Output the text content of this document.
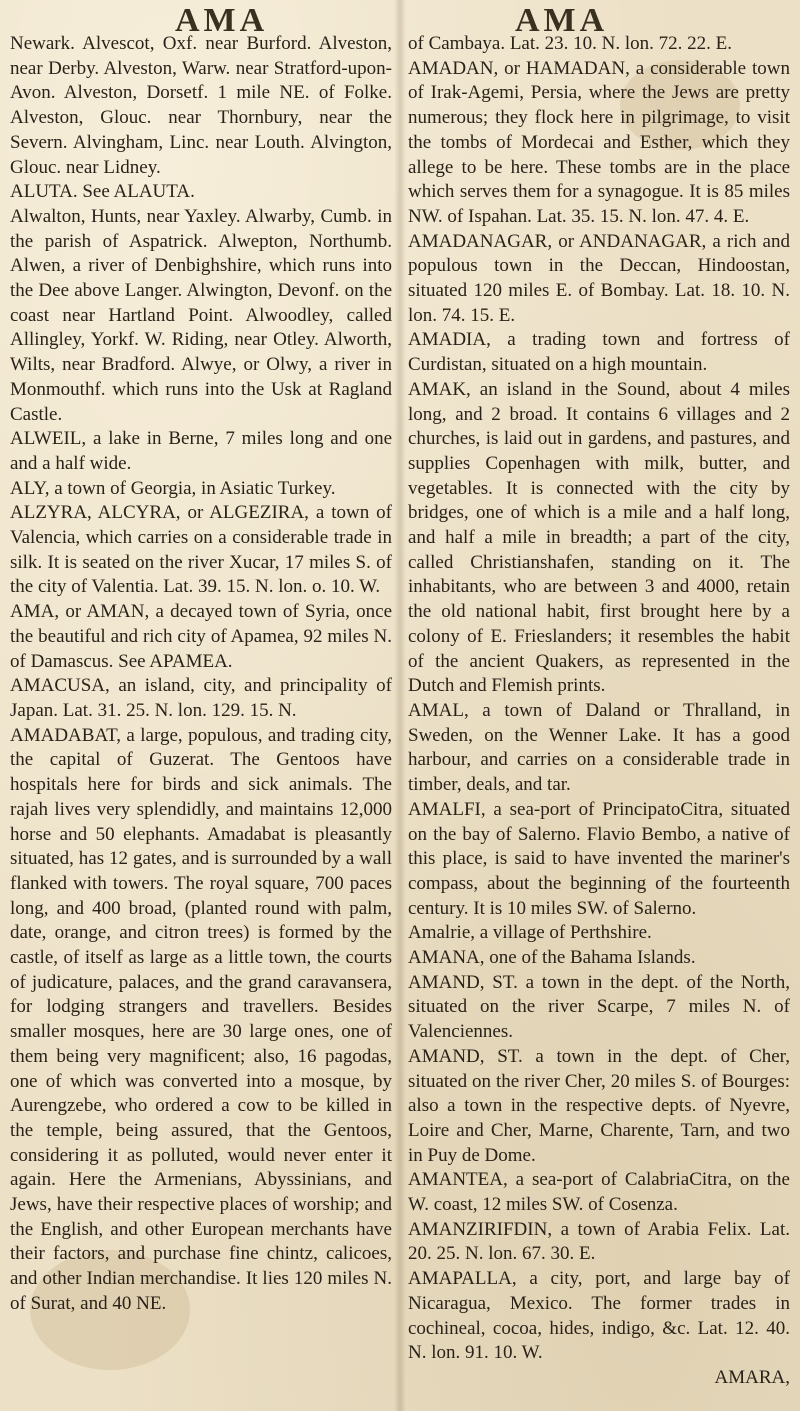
AMA	AMA

Newark. Alvescot, Oxf. near Burford. Alveston, near Derby. Alveston, Warw. near Stratford-upon-Avon. Alveston, Dorsetf. 1 mile NE. of Folke. Alveston, Glouc. near Thornbury, near the Severn. Alvingham, Linc. near Louth. Alvington, Glouc. near Lidney.

ALUTA. See ALAUTA.

Alwalton, Hunts, near Yaxley. Alwarby, Cumb. in the parish of Aspatrick. Alwepton, Northumb. Alwen, a river of Denbighshire, which runs into the Dee above Langer. Alwington, Devonf. on the coast near Hartland Point. Alwoodley, called Allingley, Yorkf. W. Riding, near Otley. Alworth, Wilts, near Bradford. Alwye, or Olwy, a river in Monmouthf. which runs into the Usk at Ragland Castle.

ALWEIL, a lake in Berne, 7 miles long and one and a half wide.

ALY, a town of Georgia, in Asiatic Turkey.

ALZYRA, ALCYRA, or ALGEZIRA, a town of Valencia, which carries on a considerable trade in silk. It is seated on the river Xucar, 17 miles S. of the city of Valentia. Lat. 39. 15. N. lon. o. 10. W.

AMA, or AMAN, a decayed town of Syria, once the beautiful and rich city of Apamea, 92 miles N. of Damascus. See APAMEA.

AMACUSA, an island, city, and principality of Japan. Lat. 31. 25. N. lon. 129. 15. N.

AMADABAT, a large, populous, and trading city, the capital of Guzerat. The Gentoos have hospitals here for birds and sick animals. The rajah lives very splendidly, and maintains 12,000 horse and 50 elephants. Amadabat is pleasantly situated, has 12 gates, and is surrounded by a wall flanked with towers. The royal square, 700 paces long, and 400 broad, (planted round with palm, date, orange, and citron trees) is formed by the castle, of itself as large as a little town, the courts of judicature, palaces, and the grand caravansera, for lodging strangers and travellers. Besides smaller mosques, here are 30 large ones, one of them being very magnificent; also, 16 pagodas, one of which was converted into a mosque, by Aurengzebe, who ordered a cow to be killed in the temple, being assured, that the Gentoos, considering it as polluted, would never enter it again. Here the Armenians, Abyssinians, and Jews, have their respective places of worship; and the English, and other European merchants have their factors, and purchase fine chintz, calicoes, and other Indian merchandise. It lies 120 miles N. of Surat, and 40 NE.

of Cambaya. Lat. 23. 10. N. lon. 72. 22. E.

AMADAN, or HAMADAN, a considerable town of Irak-Agemi, Persia, where the Jews are pretty numerous; they flock here in pilgrimage, to visit the tombs of Mordecai and Esther, which they allege to be here. These tombs are in the place which serves them for a synagogue. It is 85 miles NW. of Ispahan. Lat. 35. 15. N. lon. 47. 4. E.

AMADANAGAR, or ANDANAGAR, a rich and populous town in the Deccan, Hindoostan, situated 120 miles E. of Bombay. Lat. 18. 10. N. lon. 74. 15. E.

AMADIA, a trading town and fortress of Curdistan, situated on a high mountain.

AMAK, an island in the Sound, about 4 miles long, and 2 broad. It contains 6 villages and 2 churches, is laid out in gardens, and pastures, and supplies Copenhagen with milk, butter, and vegetables. It is connected with the city by bridges, one of which is a mile and a half long, and half a mile in breadth; a part of the city, called Christianshafen, standing on it. The inhabitants, who are between 3 and 4000, retain the old national habit, first brought here by a colony of E. Frieslanders; it resembles the habit of the ancient Quakers, as represented in the Dutch and Flemish prints.

AMAL, a town of Daland or Thralland, in Sweden, on the Wenner Lake. It has a good harbour, and carries on a considerable trade in timber, deals, and tar.

AMALFI, a sea-port of PrincipatoCitra, situated on the bay of Salerno. Flavio Bembo, a native of this place, is said to have invented the mariner's compass, about the beginning of the fourteenth century. It is 10 miles SW. of Salerno.

Amalrie, a village of Perthshire.

AMANA, one of the Bahama Islands.

AMAND, ST. a town in the dept. of the North, situated on the river Scarpe, 7 miles N. of Valenciennes.

AMAND, ST. a town in the dept. of Cher, situated on the river Cher, 20 miles S. of Bourges: also a town in the respective depts. of Nyevre, Loire and Cher, Marne, Charente, Tarn, and two in Puy de Dome.

AMANTEA, a sea-port of CalabriaCitra, on the W. coast, 12 miles SW. of Cosenza.

AMANZIRIFDIN, a town of Arabia Felix. Lat. 20. 25. N. lon. 67. 30. E.

AMAPALLA, a city, port, and large bay of Nicaragua, Mexico. The former trades in cochineal, cocoa, hides, indigo, &c. Lat. 12. 40. N. lon. 91. 10. W.

AMARA,
